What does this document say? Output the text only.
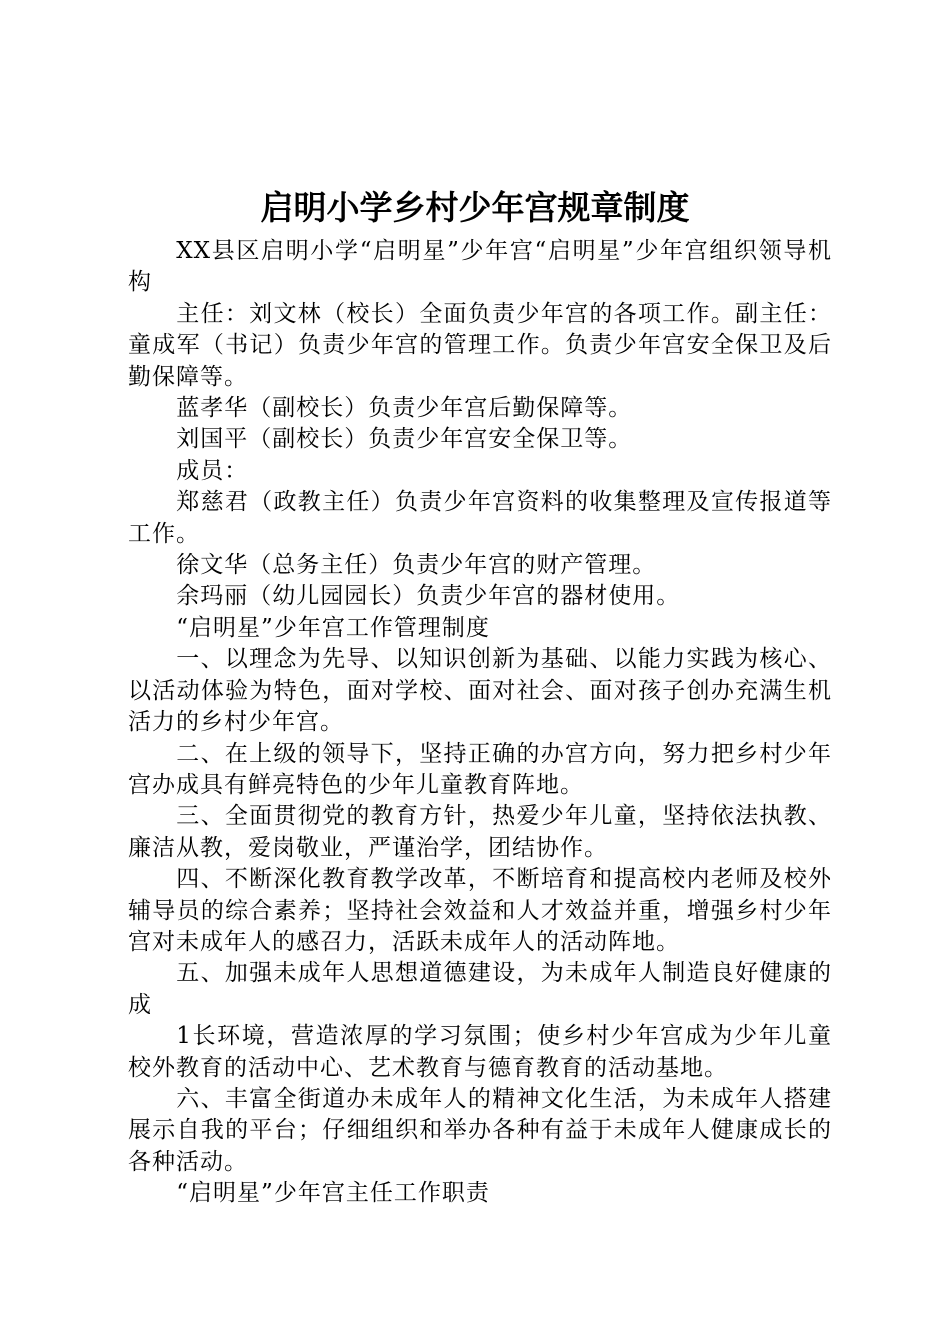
启明小学乡村少年宫规章制度

XX县区启明小学“启明星”少年宫“启明星”少年宫组织领导机构

主任：刘文林（校长）全面负责少年宫的各项工作。副主任：童成军（书记）负责少年宫的管理工作。负责少年宫安全保卫及后勤保障等。

蓝孝华（副校长）负责少年宫后勤保障等。

刘国平（副校长）负责少年宫安全保卫等。

成员：

郑慈君（政教主任）负责少年宫资料的收集整理及宣传报道等工作。

徐文华（总务主任）负责少年宫的财产管理。

余玛丽（幼儿园园长）负责少年宫的器材使用。

“启明星”少年宫工作管理制度

一、以理念为先导、以知识创新为基础、以能力实践为核心、以活动体验为特色，面对学校、面对社会、面对孩子创办充满生机活力的乡村少年宫。

二、在上级的领导下，坚持正确的办宫方向，努力把乡村少年宫办成具有鲜亮特色的少年儿童教育阵地。

三、全面贯彻党的教育方针，热爱少年儿童，坚持依法执教、廉洁从教，爱岗敬业，严谨治学，团结协作。

四、不断深化教育教学改革，不断培育和提高校内老师及校外辅导员的综合素养；坚持社会效益和人才效益并重，增强乡村少年宫对未成年人的感召力，活跃未成年人的活动阵地。

五、加强未成年人思想道德建设，为未成年人制造良好健康的成

1长环境，营造浓厚的学习氛围；使乡村少年宫成为少年儿童校外教育的活动中心、艺术教育与德育教育的活动基地。

六、丰富全街道办未成年人的精神文化生活，为未成年人搭建展示自我的平台；仔细组织和举办各种有益于未成年人健康成长的各种活动。

“启明星”少年宫主任工作职责
